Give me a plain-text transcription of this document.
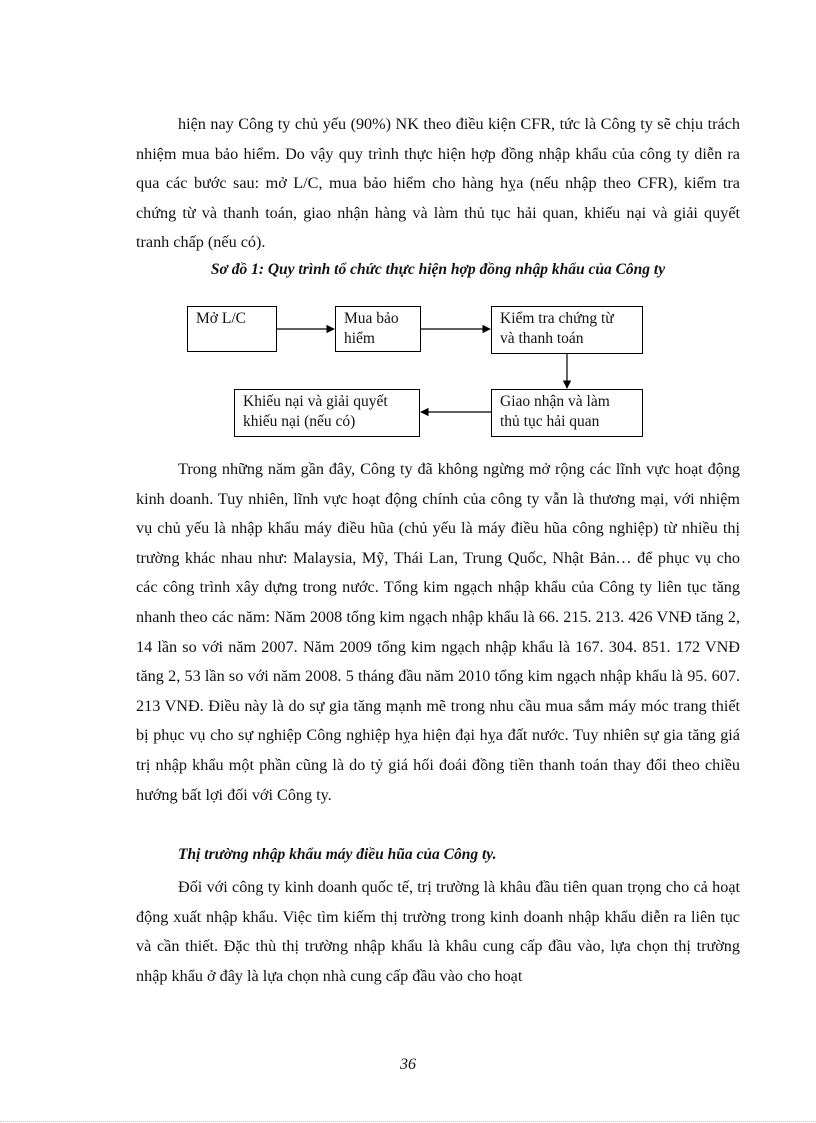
hiện nay Công ty chủ yếu (90%) NK theo điều kiện CFR, tức là Công ty sẽ chịu trách nhiệm mua bảo hiểm. Do vậy quy trình thực hiện hợp đồng nhập khẩu của công ty diễn ra qua các bước sau: mở L/C, mua bảo hiểm cho hàng hỵa (nếu nhập theo CFR), kiểm tra chứng từ và thanh toán, giao nhận hàng và làm thủ tục hải quan, khiếu nại và giải quyết tranh chấp (nếu có).

Sơ đồ 1: Quy trình tổ chức thực hiện hợp đồng nhập khẩu của Công ty
Mở L/C	Mua bảo
hiểm
Kiểm tra chứng từ
và thanh toán
Giao nhận và làm
thủ tục hải quan
Khiếu nại và giải quyết
khiếu nại (nếu có)

Trong những năm gần đây, Công ty đã không ngừng mở rộng các lĩnh vực hoạt động kinh doanh. Tuy nhiên, lĩnh vực hoạt động chính của công ty vẫn là thương mại, với nhiệm vụ chủ yếu là nhập khẩu máy điều hũa (chủ yếu là máy điều hũa công nghiệp) từ nhiều thị trường khác nhau như: Malaysia, Mỹ, Thái Lan, Trung Quốc, Nhật Bản… để phục vụ cho các công trình xây dựng trong nước. Tổng kim ngạch nhập khẩu của Công ty liên tục tăng nhanh theo các năm: Năm 2008 tổng kim ngạch nhập khẩu là 66. 215. 213. 426 VNĐ tăng 2, 14 lần so với năm 2007. Năm 2009 tổng kim ngạch nhập khẩu là 167. 304. 851. 172 VNĐ tăng 2, 53 lần so với năm 2008. 5 tháng đầu năm 2010 tổng kim ngạch nhập khẩu là 95. 607. 213 VNĐ. Điều này là do sự gia tăng mạnh mẽ trong nhu cầu mua sắm máy móc trang thiết bị phục vụ cho sự nghiệp Công nghiệp hỵa hiện đại hỵa đất nước. Tuy nhiên sự gia tăng giá trị nhập khẩu một phần cũng là do tỷ giá hối đoái đồng tiền thanh toán thay đổi theo chiều hướng bất lợi đối với Công ty.

Thị trường nhập khẩu máy điều hũa của Công ty.

Đối với công ty kinh doanh quốc tế, trị trường là khâu đầu tiên quan trọng cho cả hoạt động xuất nhập khẩu. Việc tìm kiếm thị trường trong kinh doanh nhập khẩu diễn ra liên tục và cần thiết. Đặc thù thị trường nhập khẩu là khâu cung cấp đầu vào, lựa chọn thị trường nhập khẩu ở đây là lựa chọn nhà cung cấp đầu vào cho hoạt

36
